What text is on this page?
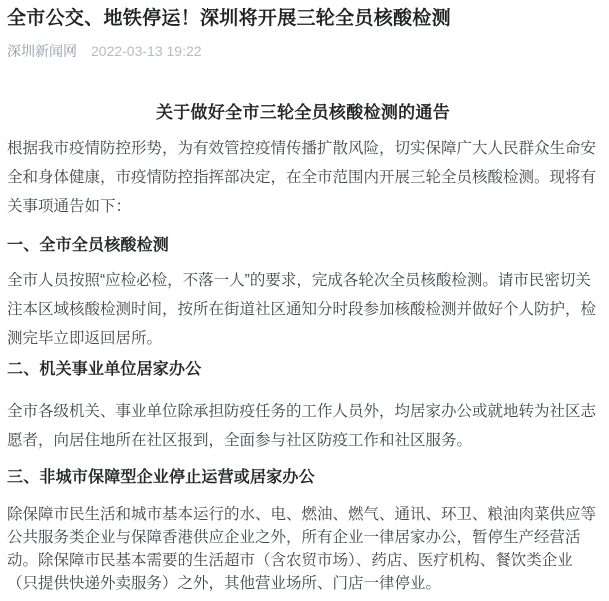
全市公交、地铁停运！深圳将开展三轮全员核酸检测
深圳新闻网 2022-03-13 19:22
关于做好全市三轮全员核酸检测的通告

根据我市疫情防控形势，为有效管控疫情传播扩散风险，切实保障广大人民群众生命安全和身体健康，市疫情防控指挥部决定，在全市范围内开展三轮全员核酸检测。现将有关事项通告如下：

一、全市全员核酸检测

全市人员按照“应检必检，不落一人”的要求，完成各轮次全员核酸检测。请市民密切关注本区域核酸检测时间，按所在街道社区通知分时段参加核酸检测并做好个人防护，检测完毕立即返回居所。

二、机关事业单位居家办公

全市各级机关、事业单位除承担防疫任务的工作人员外，均居家办公或就地转为社区志愿者，向居住地所在社区报到，全面参与社区防疫工作和社区服务。

三、非城市保障型企业停止运营或居家办公

除保障市民生活和城市基本运行的水、电、燃油、燃气、通讯、环卫、粮油肉菜供应等公共服务类企业与保障香港供应企业之外，所有企业一律居家办公，暂停生产经营活动。除保障市民基本需要的生活超市（含农贸市场）、药店、医疗机构、餐饮类企业（只提供快递外卖服务）之外，其他营业场所、门店一律停业。
